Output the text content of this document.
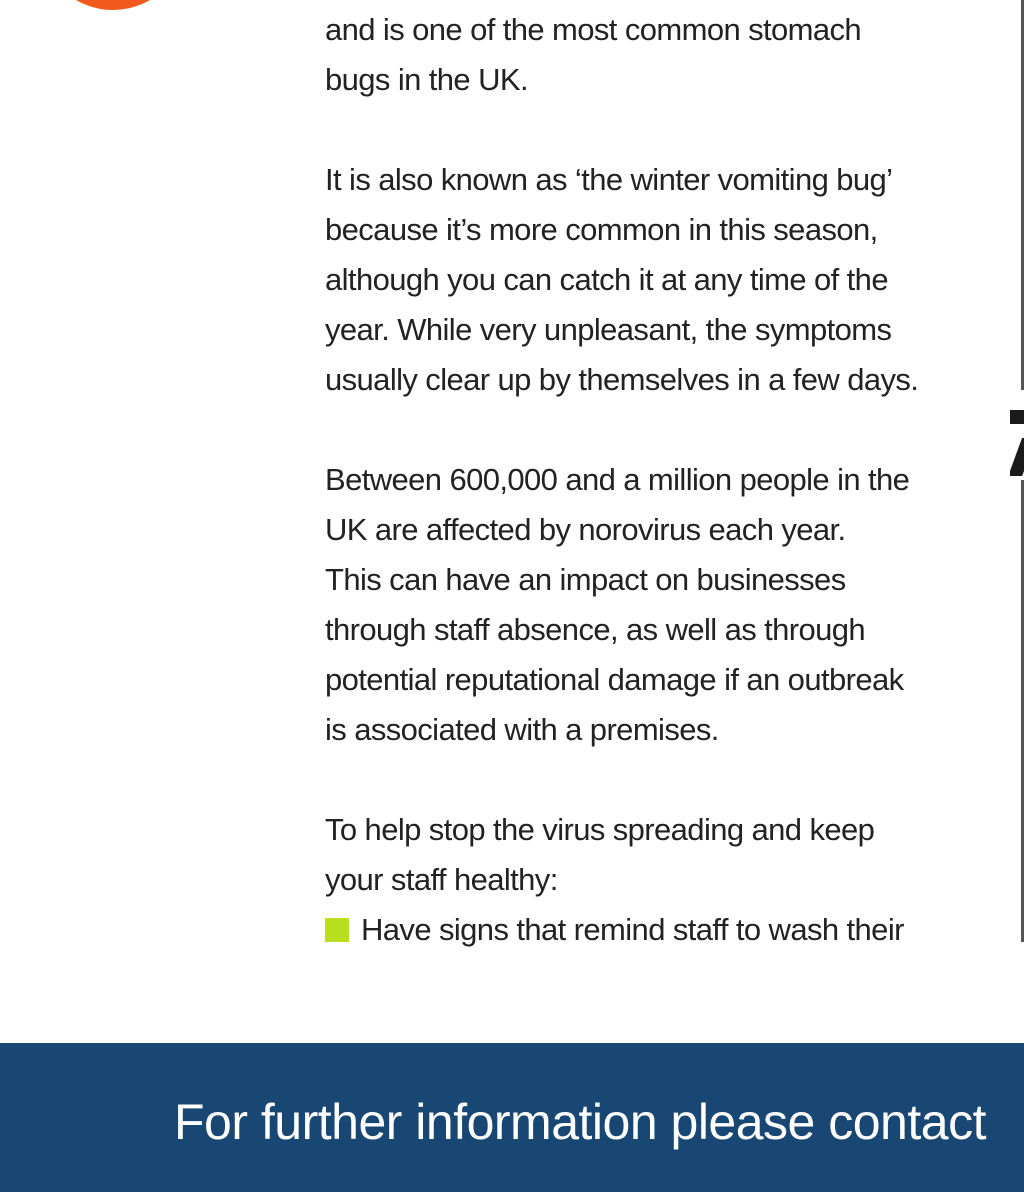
and is one of the most common stomach
bugs in the UK.

It is also known as ‘the winter vomiting bug’
because it’s more common in this season,
although you can catch it at any time of the
year. While very unpleasant, the symptoms
usually clear up by themselves in a few days.

Between 600,000 and a million people in the
UK are affected by norovirus each year.
This can have an impact on businesses
through staff absence, as well as through
potential reputational damage if an outbreak
is associated with a premises.

To help stop the virus spreading and keep
your staff healthy:

Have signs that remind staff to wash their
For further information please contact
